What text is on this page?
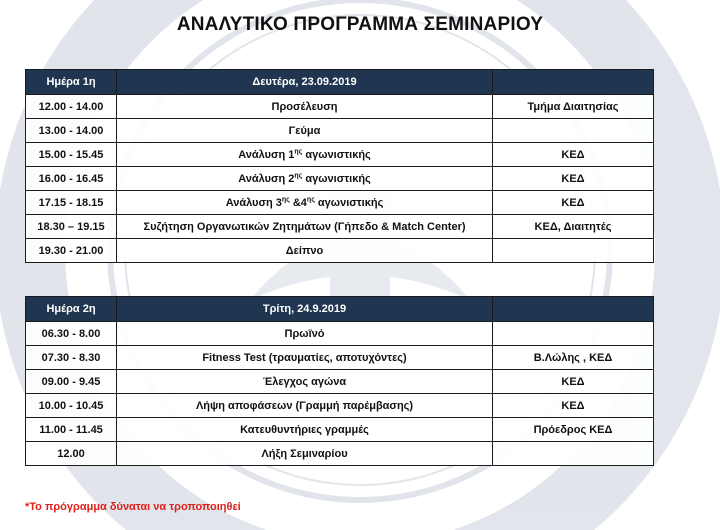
ΑΝΑΛΥΤΙΚΟ ΠΡΟΓΡΑΜΜΑ ΣΕΜΙΝΑΡΙΟΥ
Ημέρα 1η	Δευτέρα, 23.09.2019	
12.00 - 14.00	Προσέλευση	Τμήμα Διαιτησίας
13.00 - 14.00	Γεύμα	
15.00 - 15.45	Ανάλυση $1^{\eta\varsigma}$ αγωνιστικής	ΚΕΔ
16.00 - 16.45	Ανάλυση $2^{\eta\varsigma}$ αγωνιστικής	ΚΕΔ
17.15 - 18.15	Ανάλυση $3^{\eta\varsigma}$ $\&4^{\eta\varsigma}$ αγωνιστικής	ΚΕΔ
18.30 – 19.15	Συζήτηση Οργανωτικών Ζητημάτων (Γήπεδο & Match Center)	ΚΕΔ, Διαιτητές
19.30 - 21.00	Δείπνο	
Ημέρα 2η	Τρίτη, 24.9.2019	
06.30 - 8.00	Πρωϊνό	
07.30 - 8.30	Fitness Test (τραυματίες, αποτυχόντες)	Β.Λώλης , ΚΕΔ
09.00 - 9.45	Έλεγχος αγώνα	ΚΕΔ
10.00 - 10.45	Λήψη αποφάσεων (Γραμμή παρέμβασης)	ΚΕΔ
11.00 - 11.45	Κατευθυντήριες γραμμές	Πρόεδρος ΚΕΔ
12.00	Λήξη Σεμιναρίου	
*Το πρόγραμμα δύναται να τροποποιηθεί
